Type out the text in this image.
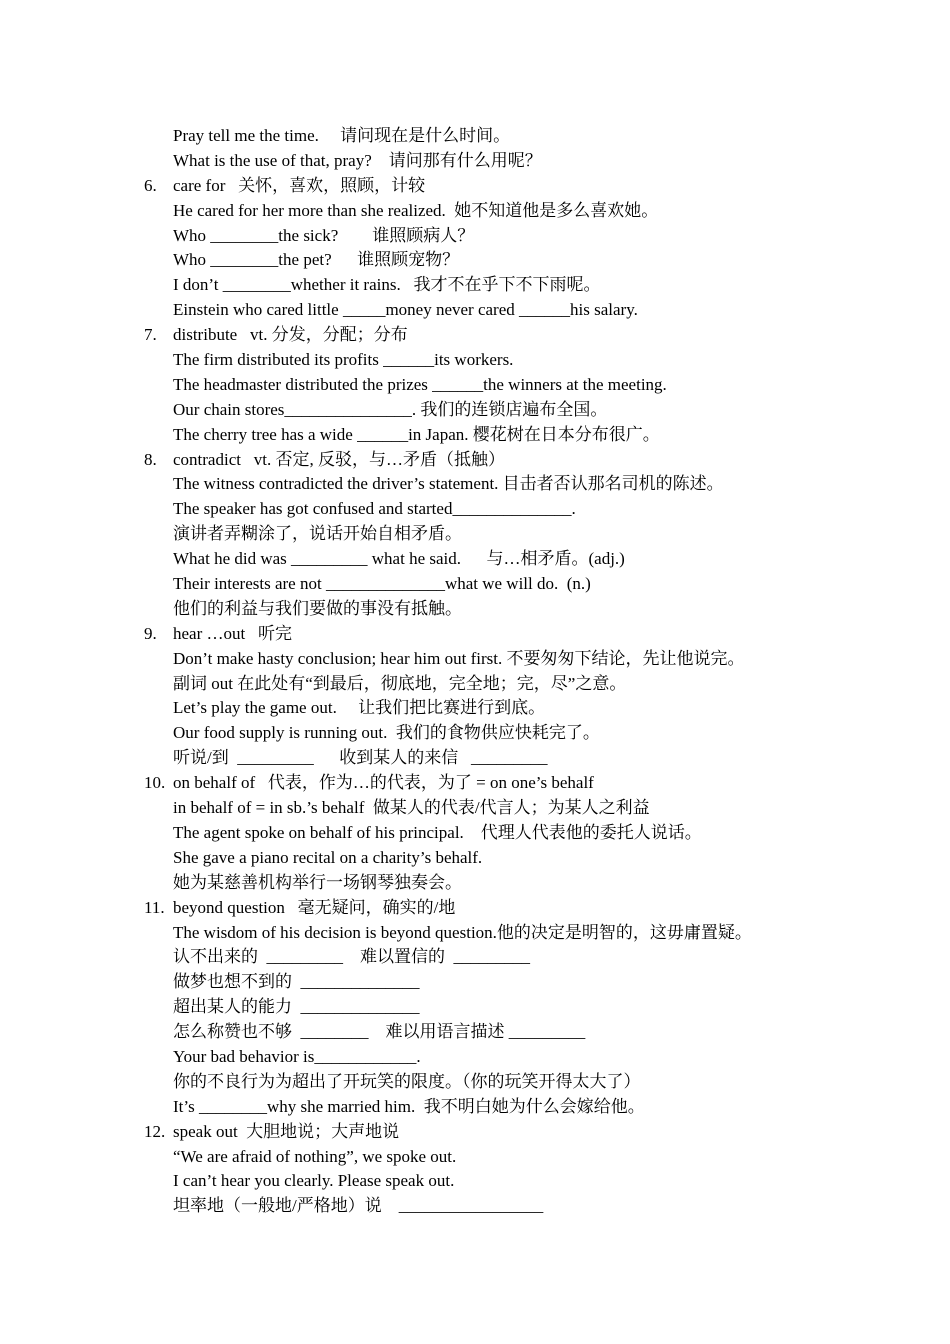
Pray tell me the time.     请问现在是什么时间。
What is the use of that, pray?    请问那有什么用呢？
6. care for   关怀，喜欢，照顾，计较
He cared for her more than she realized.  她不知道他是多么喜欢她。
Who ________the sick?        谁照顾病人？
Who ________the pet?      谁照顾宠物？
I don’t ________whether it rains.   我才不在乎下不下雨呢。
Einstein who cared little _____money never cared ______his salary.
7. distribute   vt. 分发，分配；分布
The firm distributed its profits ______its workers.
The headmaster distributed the prizes ______the winners at the meeting.
Our chain stores_______________. 我们的连锁店遍布全国。
The cherry tree has a wide ______in Japan. 樱花树在日本分布很广。
8. contradict   vt. 否定, 反驳，与…矛盾（抵触）
The witness contradicted the driver’s statement. 目击者否认那名司机的陈述。
The speaker has got confused and started______________.
演讲者弄糊涂了，说话开始自相矛盾。
What he did was _________ what he said.      与…相矛盾。(adj.)
Their interests are not ______________what we will do.  (n.)
他们的利益与我们要做的事没有抵触。
9. hear …out   听完
Don’t make hasty conclusion; hear him out first. 不要匆匆下结论，先让他说完。
副词 out 在此处有“到最后，彻底地，完全地；完，尽”之意。
Let’s play the game out.     让我们把比赛进行到底。
Our food supply is running out.  我们的食物供应快耗完了。
听说/到  _________      收到某人的来信   _________
10. on behalf of   代表，作为…的代表，为了 = on one’s behalf
in behalf of = in sb.’s behalf  做某人的代表/代言人；为某人之利益
The agent spoke on behalf of his principal.    代理人代表他的委托人说话。
She gave a piano recital on a charity’s behalf.
她为某慈善机构举行一场钢琴独奏会。
11. beyond question   毫无疑问，确实的/地
The wisdom of his decision is beyond question.他的决定是明智的，这毋庸置疑。
认不出来的  _________    难以置信的  _________
做梦也想不到的  ______________
超出某人的能力  ______________
怎么称赞也不够  ________    难以用语言描述 _________
Your bad behavior is____________.
你的不良行为为超出了开玩笑的限度。（你的玩笑开得太大了）
It’s ________why she married him.  我不明白她为什么会嫁给他。
12. speak out  大胆地说；大声地说
“We are afraid of nothing”, we spoke out.
I can’t hear you clearly. Please speak out.
坦率地（一般地/严格地）说    _________________
